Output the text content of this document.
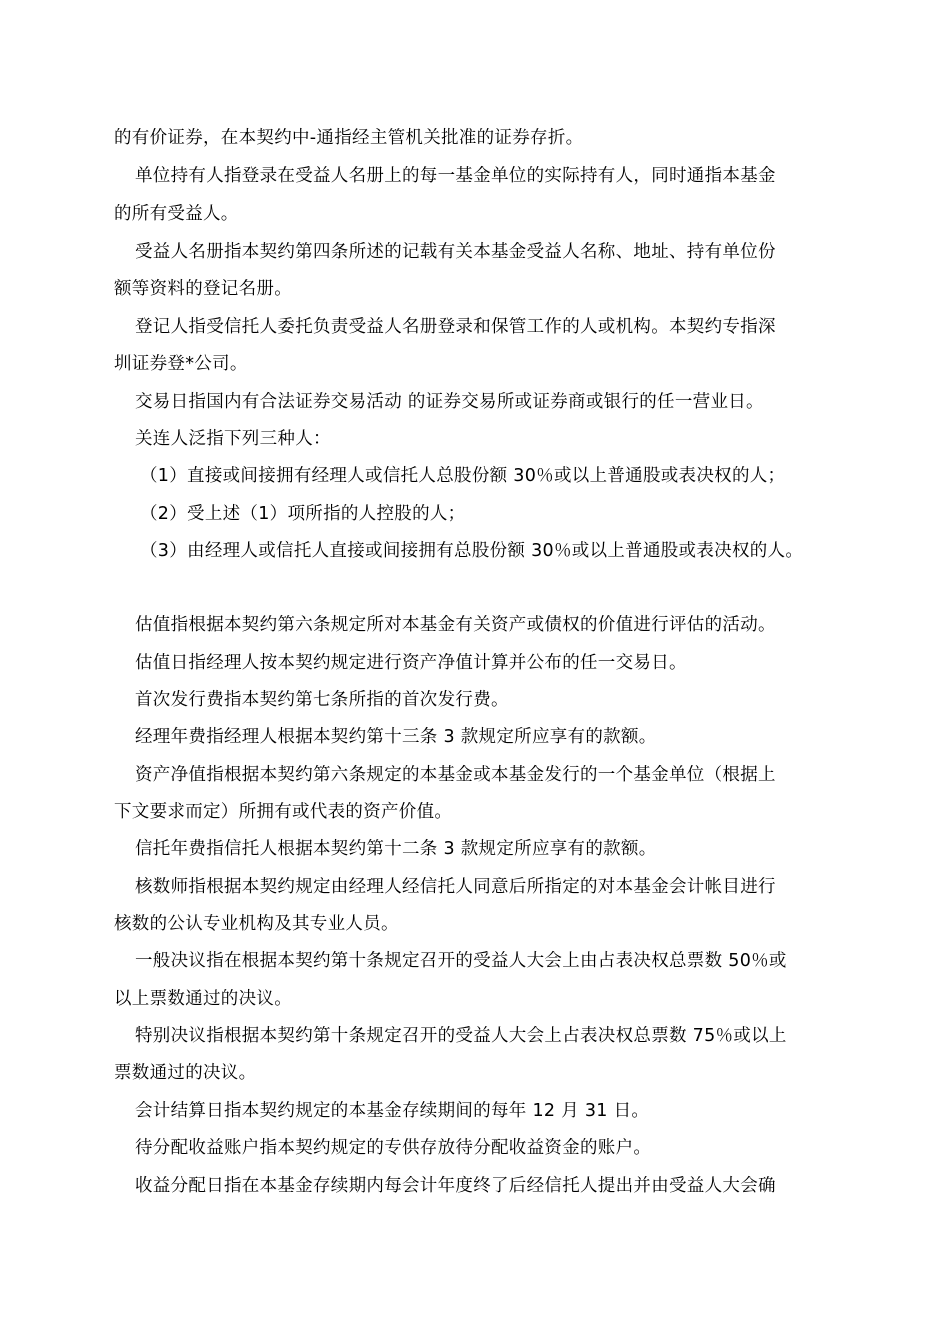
的有价证券，在本契约中-通指经主管机关批准的证券存折。
单位持有人指登录在受益人名册上的每一基金单位的实际持有人，同时通指本基金
的所有受益人。
受益人名册指本契约第四条所述的记载有关本基金受益人名称、地址、持有单位份
额等资料的登记名册。
登记人指受信托人委托负责受益人名册登录和保管工作的人或机构。本契约专指深
圳证券登*公司。
交易日指国内有合法证券交易活动 的证券交易所或证券商或银行的任一营业日。
关连人泛指下列三种人：
（1）直接或间接拥有经理人或信托人总股份额 30％或以上普通股或表决权的人；
（2）受上述（1）项所指的人控股的人；
（3）由经理人或信托人直接或间接拥有总股份额 30％或以上普通股或表决权的人。
估值指根据本契约第六条规定所对本基金有关资产或债权的价值进行评估的活动。
估值日指经理人按本契约规定进行资产净值计算并公布的任一交易日。
首次发行费指本契约第七条所指的首次发行费。
经理年费指经理人根据本契约第十三条 3 款规定所应享有的款额。
资产净值指根据本契约第六条规定的本基金或本基金发行的一个基金单位（根据上
下文要求而定）所拥有或代表的资产价值。
信托年费指信托人根据本契约第十二条 3 款规定所应享有的款额。
核数师指根据本契约规定由经理人经信托人同意后所指定的对本基金会计帐目进行
核数的公认专业机构及其专业人员。
一般决议指在根据本契约第十条规定召开的受益人大会上由占表决权总票数 50％或
以上票数通过的决议。
特别决议指根据本契约第十条规定召开的受益人大会上占表决权总票数 75％或以上
票数通过的决议。
会计结算日指本契约规定的本基金存续期间的每年 12 月 31 日。
待分配收益账户指本契约规定的专供存放待分配收益资金的账户。
收益分配日指在本基金存续期内每会计年度终了后经信托人提出并由受益人大会确
